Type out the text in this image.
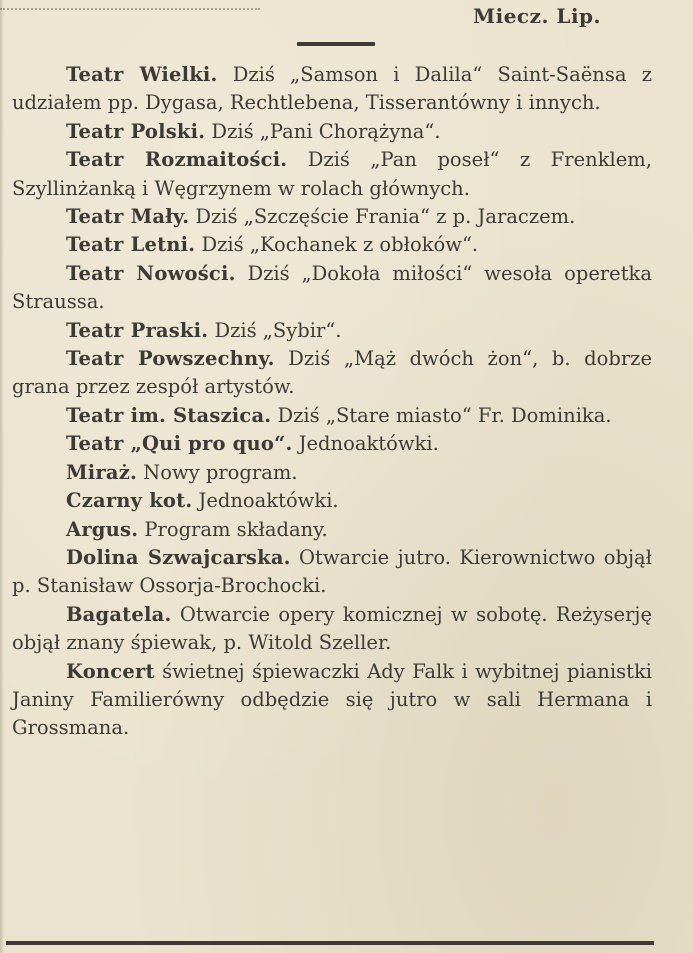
Miecz. Lip.

Teatr Wielki. Dziś „Samson i Dalila“ Saint-Saënsa z udziałem pp. Dygasa, Rechtlebena, Tisserantówny i innych.

Teatr Polski. Dziś „Pani Chorążyna“.

Teatr Rozmaitości. Dziś „Pan poseł“ z Frenklem, Szyllinżanką i Węgrzynem w rolach głównych.

Teatr Mały. Dziś „Szczęście Frania“ z p. Jaraczem.

Teatr Letni. Dziś „Kochanek z obłoków“.

Teatr Nowości. Dziś „Dokoła miłości“ wesoła operetka Straussa.

Teatr Praski. Dziś „Sybir“.

Teatr Powszechny. Dziś „Mąż dwóch żon“, b. dobrze grana przez zespół artystów.

Teatr im. Staszica. Dziś „Stare miasto“ Fr. Dominika.

Teatr „Qui pro quo“. Jednoaktówki.

Miraż. Nowy program.

Czarny kot. Jednoaktówki.

Argus. Program składany.

Dolina Szwajcarska. Otwarcie jutro. Kierownictwo objął p. Stanisław Ossorja-Brochocki.

Bagatela. Otwarcie opery komicznej w sobotę. Reżyserję objął znany śpiewak, p. Witold Szeller.

Koncert świetnej śpiewaczki Ady Falk i wybitnej pianistki Janiny Familierówny odbędzie się jutro w sali Hermana i Grossmana.
